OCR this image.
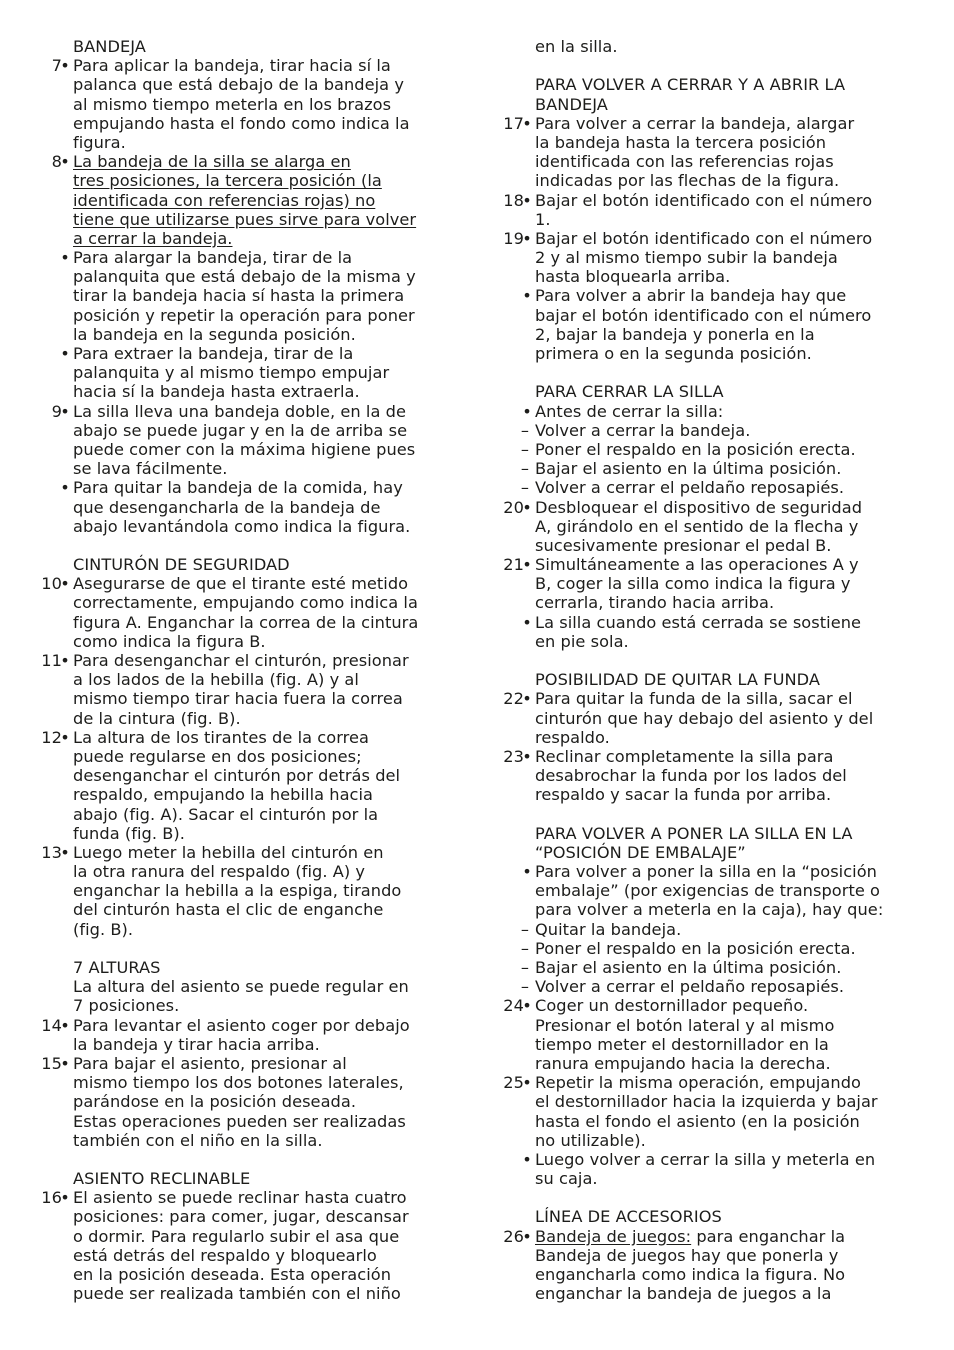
BANDEJA
7
• Para aplicar la bandeja, tirar hacia sí la
palanca que está debajo de la bandeja y
al mismo tiempo meterla en los brazos
empujando hasta el fondo como indica la
figura.
8
• La bandeja de la silla se alarga en
tres posiciones, la tercera posición (la
identificada con referencias rojas) no
tiene que utilizarse pues sirve para volver
a cerrar la bandeja.
• Para alargar la bandeja, tirar de la
palanquita que está debajo de la misma y
tirar la bandeja hacia sí hasta la primera
posición y repetir la operación para poner
la bandeja en la segunda posición.
• Para extraer la bandeja, tirar de la
palanquita y al mismo tiempo empujar
hacia sí la bandeja hasta extraerla.
9
• La silla lleva una bandeja doble, en la de
abajo se puede jugar y en la de arriba se
puede comer con la máxima higiene pues
se lava fácilmente.
• Para quitar la bandeja de la comida, hay
que desengancharla de la bandeja de
abajo levantándola como indica la figura.
CINTURÓN DE SEGURIDAD
10
• Asegurarse de que el tirante esté metido
correctamente, empujando como indica la
figura A. Enganchar la correa de la cintura
como indica la figura B.
11
• Para desenganchar el cinturón, presionar
a los lados de la hebilla (fig. A) y al
mismo tiempo tirar hacia fuera la correa
de la cintura (fig. B).
12
• La altura de los tirantes de la correa
puede regularse en dos posiciones;
desenganchar el cinturón por detrás del
respaldo, empujando la hebilla hacia
abajo (fig. A). Sacar el cinturón por la
funda (fig. B).
13
• Luego meter la hebilla del cinturón en
la otra ranura del respaldo (fig. A) y
enganchar la hebilla a la espiga, tirando
del cinturón hasta el clic de enganche
(fig. B).
7 ALTURAS
La altura del asiento se puede regular en
7 posiciones.
14
• Para levantar el asiento coger por debajo
la bandeja y tirar hacia arriba.
15
• Para bajar el asiento, presionar al
mismo tiempo los dos botones laterales,
parándose en la posición deseada.
Estas operaciones pueden ser realizadas
también con el niño en la silla.
ASIENTO RECLINABLE
16
• El asiento se puede reclinar hasta cuatro
posiciones: para comer, jugar, descansar
o dormir. Para regularlo subir el asa que
está detrás del respaldo y bloquearlo
en la posición deseada. Esta operación
puede ser realizada también con el niño
en la silla.
PARA VOLVER A CERRAR Y A ABRIR LA
BANDEJA
17
• Para volver a cerrar la bandeja, alargar
la bandeja hasta la tercera posición
identificada con las referencias rojas
indicadas por las flechas de la figura.
18
• Bajar el botón identificado con el número
1.
19
• Bajar el botón identificado con el número
2 y al mismo tiempo subir la bandeja
hasta bloquearla arriba.
• Para volver a abrir la bandeja hay que
bajar el botón identificado con el número
2, bajar la bandeja y ponerla en la
primera o en la segunda posición.
PARA CERRAR LA SILLA
• Antes de cerrar la silla:
– Volver a cerrar la bandeja.
– Poner el respaldo en la posición erecta.
– Bajar el asiento en la última posición.
– Volver a cerrar el peldaño reposapiés.
20
• Desbloquear el dispositivo de seguridad
A, girándolo en el sentido de la flecha y
sucesivamente presionar el pedal B.
21
• Simultáneamente a las operaciones A y
B, coger la silla como indica la figura y
cerrarla, tirando hacia arriba.
• La silla cuando está cerrada se sostiene
en pie sola.
POSIBILIDAD DE QUITAR LA FUNDA
22
• Para quitar la funda de la silla, sacar el
cinturón que hay debajo del asiento y del
respaldo.
23
• Reclinar completamente la silla para
desabrochar la funda por los lados del
respaldo y sacar la funda por arriba.
PARA VOLVER A PONER LA SILLA EN LA
“POSICIÓN DE EMBALAJE”
• Para volver a poner la silla en la “posición
embalaje” (por exigencias de transporte o
para volver a meterla en la caja), hay que:
– Quitar la bandeja.
– Poner el respaldo en la posición erecta.
– Bajar el asiento en la última posición.
– Volver a cerrar el peldaño reposapiés.
24
• Coger un destornillador pequeño.
Presionar el botón lateral y al mismo
tiempo meter el destornillador en la
ranura empujando hacia la derecha.
25
• Repetir la misma operación, empujando
el destornillador hacia la izquierda y bajar
hasta el fondo el asiento (en la posición
no utilizable).
• Luego volver a cerrar la silla y meterla en
su caja.
LÍNEA DE ACCESORIOS
26
• Bandeja de juegos: para enganchar la
Bandeja de juegos hay que ponerla y
engancharla como indica la figura. No
enganchar la bandeja de juegos a la
